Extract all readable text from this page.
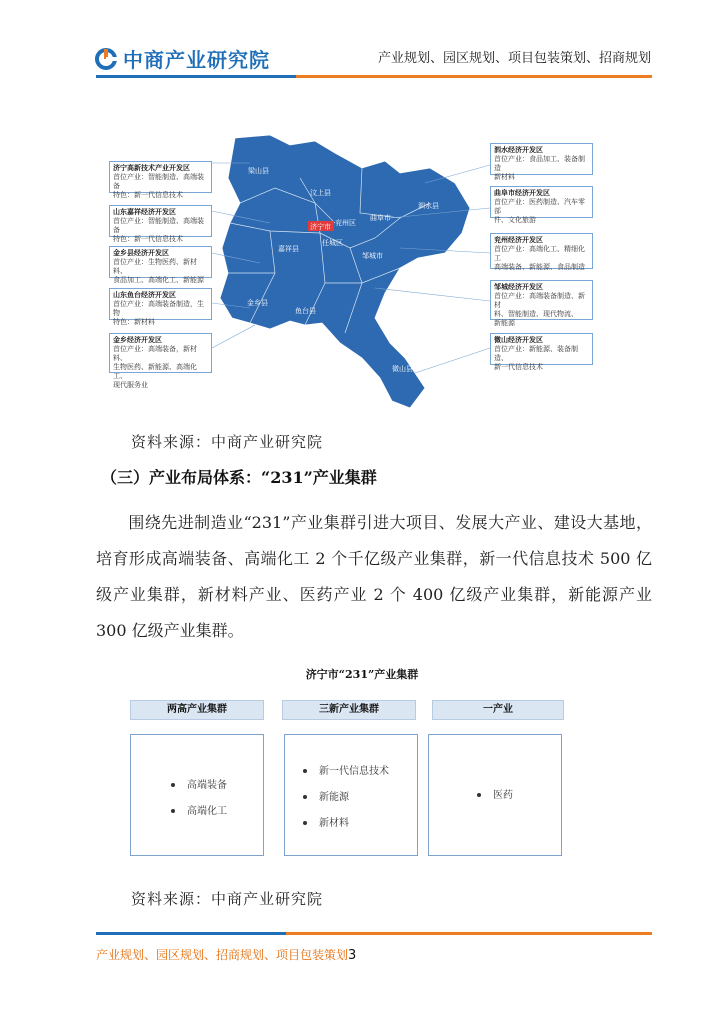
中商产业研究院	产业规划、园区规划、项目包装策划、招商规划
梁山县
汶上县
泗水县
曲阜市
兖州区
任城区
嘉祥县
邹城市
金乡县
鱼台县
微山县
济宁市
济宁高新技术产业开发区
首位产业：智能制造、高端装备
特色：新一代信息技术
山东嘉祥经济开发区
首位产业：智能制造、高端装备
特色：新一代信息技术
金乡县经济开发区
首位产业：生物医药、新材料、
食品加工、高端化工、新能源
山东鱼台经济开发区
首位产业：高端装备制造，生物
特色：新材料
金乡经济开发区
首位产业：高端装备，新材料、
生物医药、新能源、高端化工、
现代服务业
泗水经济开发区
首位产业：食品加工、装备制造
新材料
曲阜市经济开发区
首位产业：医药制造、汽车零部
件、文化旅游
兖州经济开发区
首位产业：高端化工、精细化工
高端装备、新能源、食品制造
邹城经济开发区
首位产业：高端装备制造、新材
料、智能制造、现代物流、
新能源
微山经济开发区
首位产业：新能源、装备制造、
新一代信息技术
资料来源：中商产业研究院
（三）产业布局体系：“231”产业集群
围绕先进制造业“231”产业集群引进大项目、发展大产业、建设大基地，培育形成高端装备、高端化工 2 个千亿级产业集群，新一代信息技术 500 亿级产业集群，新材料产业、医药产业 2 个 400 亿级产业集群，新能源产业 300 亿级产业集群。
济宁市“231”产业集群
两高产业集群	三新产业集群	一产业
高端装备
高端化工
新一代信息技术
新能源
新材料
医药
资料来源：中商产业研究院
产业规划、园区规划、招商规划、项目包装策划3
